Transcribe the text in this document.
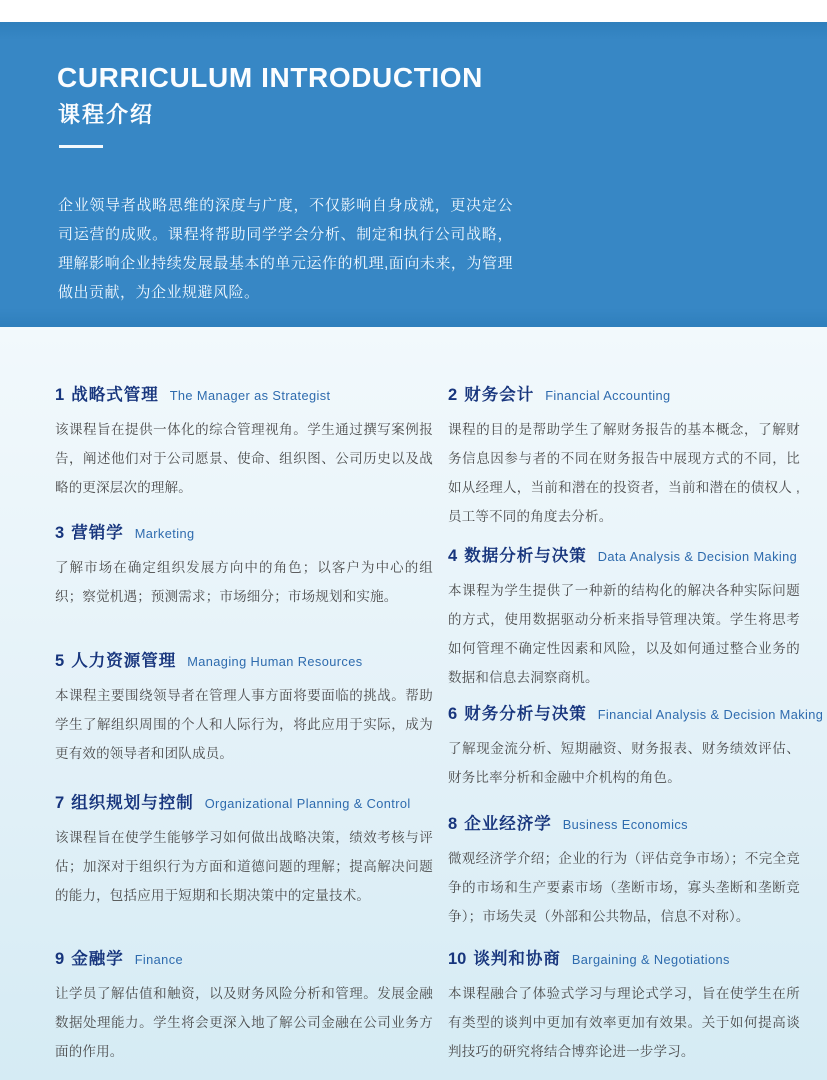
CURRICULUM INTRODUCTION
课程介绍

企业领导者战略思维的深度与广度，不仅影响自身成就，更决定公司运营的成败。课程将帮助同学学会分析、制定和执行公司战略，理解影响企业持续发展最基本的单元运作的机理,面向未来，为管理做出贡献，为企业规避风险。

1 战略式管理 The Manager as Strategist

该课程旨在提供一体化的综合管理视角。学生通过撰写案例报告，阐述他们对于公司愿景、使命、组织图、公司历史以及战略的更深层次的理解。

2 财务会计 Financial Accounting

课程的目的是帮助学生了解财务报告的基本概念，了解财务信息因参与者的不同在财务报告中展现方式的不同，比如从经理人，当前和潜在的投资者，当前和潜在的债权人 ,员工等不同的角度去分析。

3 营销学 Marketing

了解市场在确定组织发展方向中的角色；以客户为中心的组织；察觉机遇；预测需求；市场细分；市场规划和实施。

4 数据分析与决策 Data Analysis & Decision Making

本课程为学生提供了一种新的结构化的解决各种实际问题的方式，使用数据驱动分析来指导管理决策。学生将思考如何管理不确定性因素和风险，以及如何通过整合业务的数据和信息去洞察商机。

5 人力资源管理 Managing Human Resources

本课程主要围绕领导者在管理人事方面将要面临的挑战。帮助学生了解组织周围的个人和人际行为，将此应用于实际，成为更有效的领导者和团队成员。

6 财务分析与决策 Financial Analysis & Decision Making

了解现金流分析、短期融资、财务报表、财务绩效评估、财务比率分析和金融中介机构的角色。

7 组织规划与控制 Organizational Planning & Control

该课程旨在使学生能够学习如何做出战略决策，绩效考核与评估；加深对于组织行为方面和道德问题的理解；提高解决问题的能力，包括应用于短期和长期决策中的定量技术。

8 企业经济学 Business Economics

微观经济学介绍；企业的行为（评估竞争市场）；不完全竞争的市场和生产要素市场（垄断市场，寡头垄断和垄断竞争）；市场失灵（外部和公共物品，信息不对称）。

9 金融学 Finance

让学员了解估值和触资，以及财务风险分析和管理。发展金融数据处理能力。学生将会更深入地了解公司金融在公司业务方面的作用。

10 谈判和协商 Bargaining & Negotiations

本课程融合了体验式学习与理论式学习，旨在使学生在所有类型的谈判中更加有效率更加有效果。关于如何提高谈判技巧的研究将结合博弈论进一步学习。
